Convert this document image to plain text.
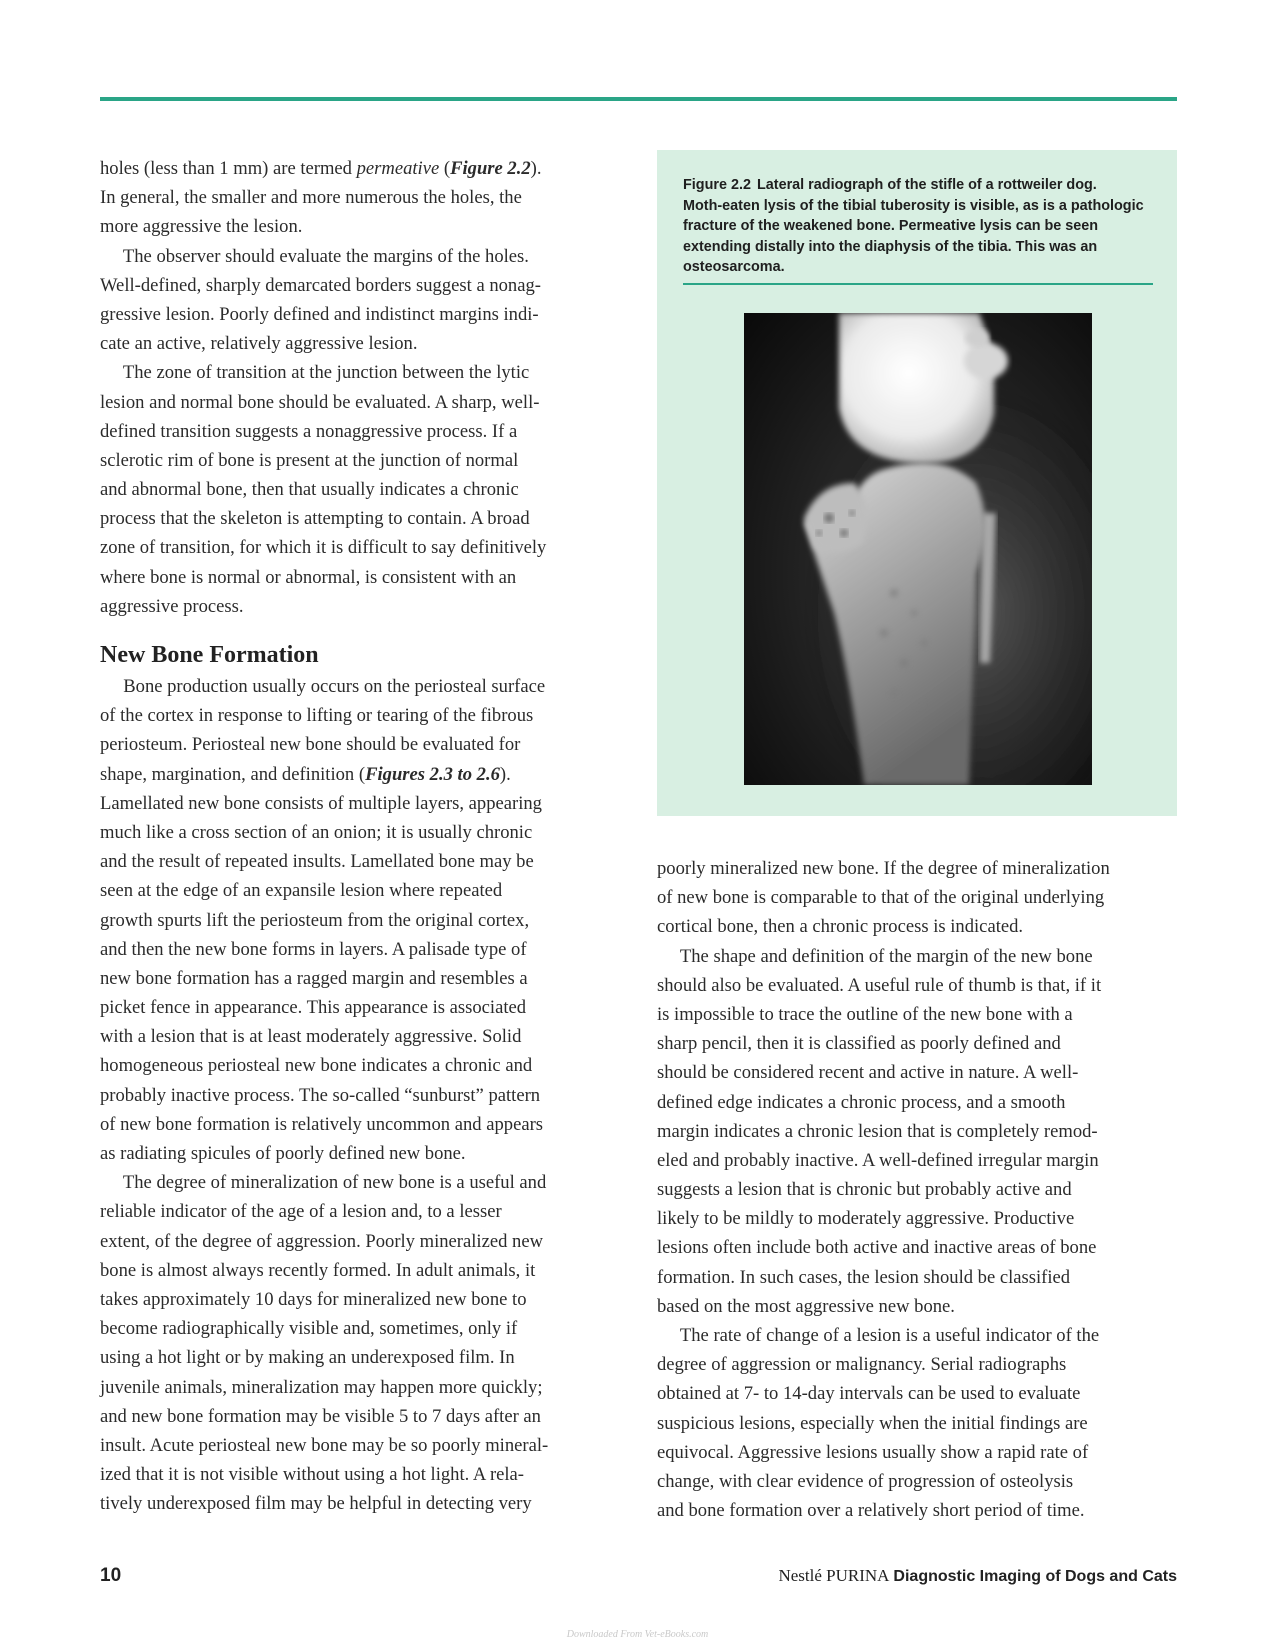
holes (less than 1 mm) are termed permeative (Figure 2.2).
In general, the smaller and more numerous the holes, the
more aggressive the lesion.
  The observer should evaluate the margins of the holes.
Well-defined, sharply demarcated borders suggest a nonag-
gressive lesion. Poorly defined and indistinct margins indi-
cate an active, relatively aggressive lesion.
  The zone of transition at the junction between the lytic
lesion and normal bone should be evaluated. A sharp, well-
defined transition suggests a nonaggressive process. If a
sclerotic rim of bone is present at the junction of normal
and abnormal bone, then that usually indicates a chronic
process that the skeleton is attempting to contain. A broad
zone of transition, for which it is difficult to say definitively
where bone is normal or abnormal, is consistent with an
aggressive process.
New Bone Formation
  Bone production usually occurs on the periosteal surface
of the cortex in response to lifting or tearing of the fibrous
periosteum. Periosteal new bone should be evaluated for
shape, margination, and definition (Figures 2.3 to 2.6).
Lamellated new bone consists of multiple layers, appearing
much like a cross section of an onion; it is usually chronic
and the result of repeated insults. Lamellated bone may be
seen at the edge of an expansile lesion where repeated
growth spurts lift the periosteum from the original cortex,
and then the new bone forms in layers. A palisade type of
new bone formation has a ragged margin and resembles a
picket fence in appearance. This appearance is associated
with a lesion that is at least moderately aggressive. Solid
homogeneous periosteal new bone indicates a chronic and
probably inactive process. The so-called “sunburst” pattern
of new bone formation is relatively uncommon and appears
as radiating spicules of poorly defined new bone.
  The degree of mineralization of new bone is a useful and
reliable indicator of the age of a lesion and, to a lesser
extent, of the degree of aggression. Poorly mineralized new
bone is almost always recently formed. In adult animals, it
takes approximately 10 days for mineralized new bone to
become radiographically visible and, sometimes, only if
using a hot light or by making an underexposed film. In
juvenile animals, mineralization may happen more quickly;
and new bone formation may be visible 5 to 7 days after an
insult. Acute periosteal new bone may be so poorly mineral-
ized that it is not visible without using a hot light. A rela-
tively underexposed film may be helpful in detecting very
Figure 2.2 Lateral radiograph of the stifle of a rottweiler dog.
Moth-eaten lysis of the tibial tuberosity is visible, as is a pathologic
fracture of the weakened bone. Permeative lysis can be seen
extending distally into the diaphysis of the tibia. This was an
osteosarcoma.
poorly mineralized new bone. If the degree of mineralization
of new bone is comparable to that of the original underlying
cortical bone, then a chronic process is indicated.
  The shape and definition of the margin of the new bone
should also be evaluated. A useful rule of thumb is that, if it
is impossible to trace the outline of the new bone with a
sharp pencil, then it is classified as poorly defined and
should be considered recent and active in nature. A well-
defined edge indicates a chronic process, and a smooth
margin indicates a chronic lesion that is completely remod-
eled and probably inactive. A well-defined irregular margin
suggests a lesion that is chronic but probably active and
likely to be mildly to moderately aggressive. Productive
lesions often include both active and inactive areas of bone
formation. In such cases, the lesion should be classified
based on the most aggressive new bone.
  The rate of change of a lesion is a useful indicator of the
degree of aggression or malignancy. Serial radiographs
obtained at 7- to 14-day intervals can be used to evaluate
suspicious lesions, especially when the initial findings are
equivocal. Aggressive lesions usually show a rapid rate of
change, with clear evidence of progression of osteolysis
and bone formation over a relatively short period of time.
10	Nestlé PURINA Diagnostic Imaging of Dogs and Cats
Downloaded From Vet-eBooks.com
